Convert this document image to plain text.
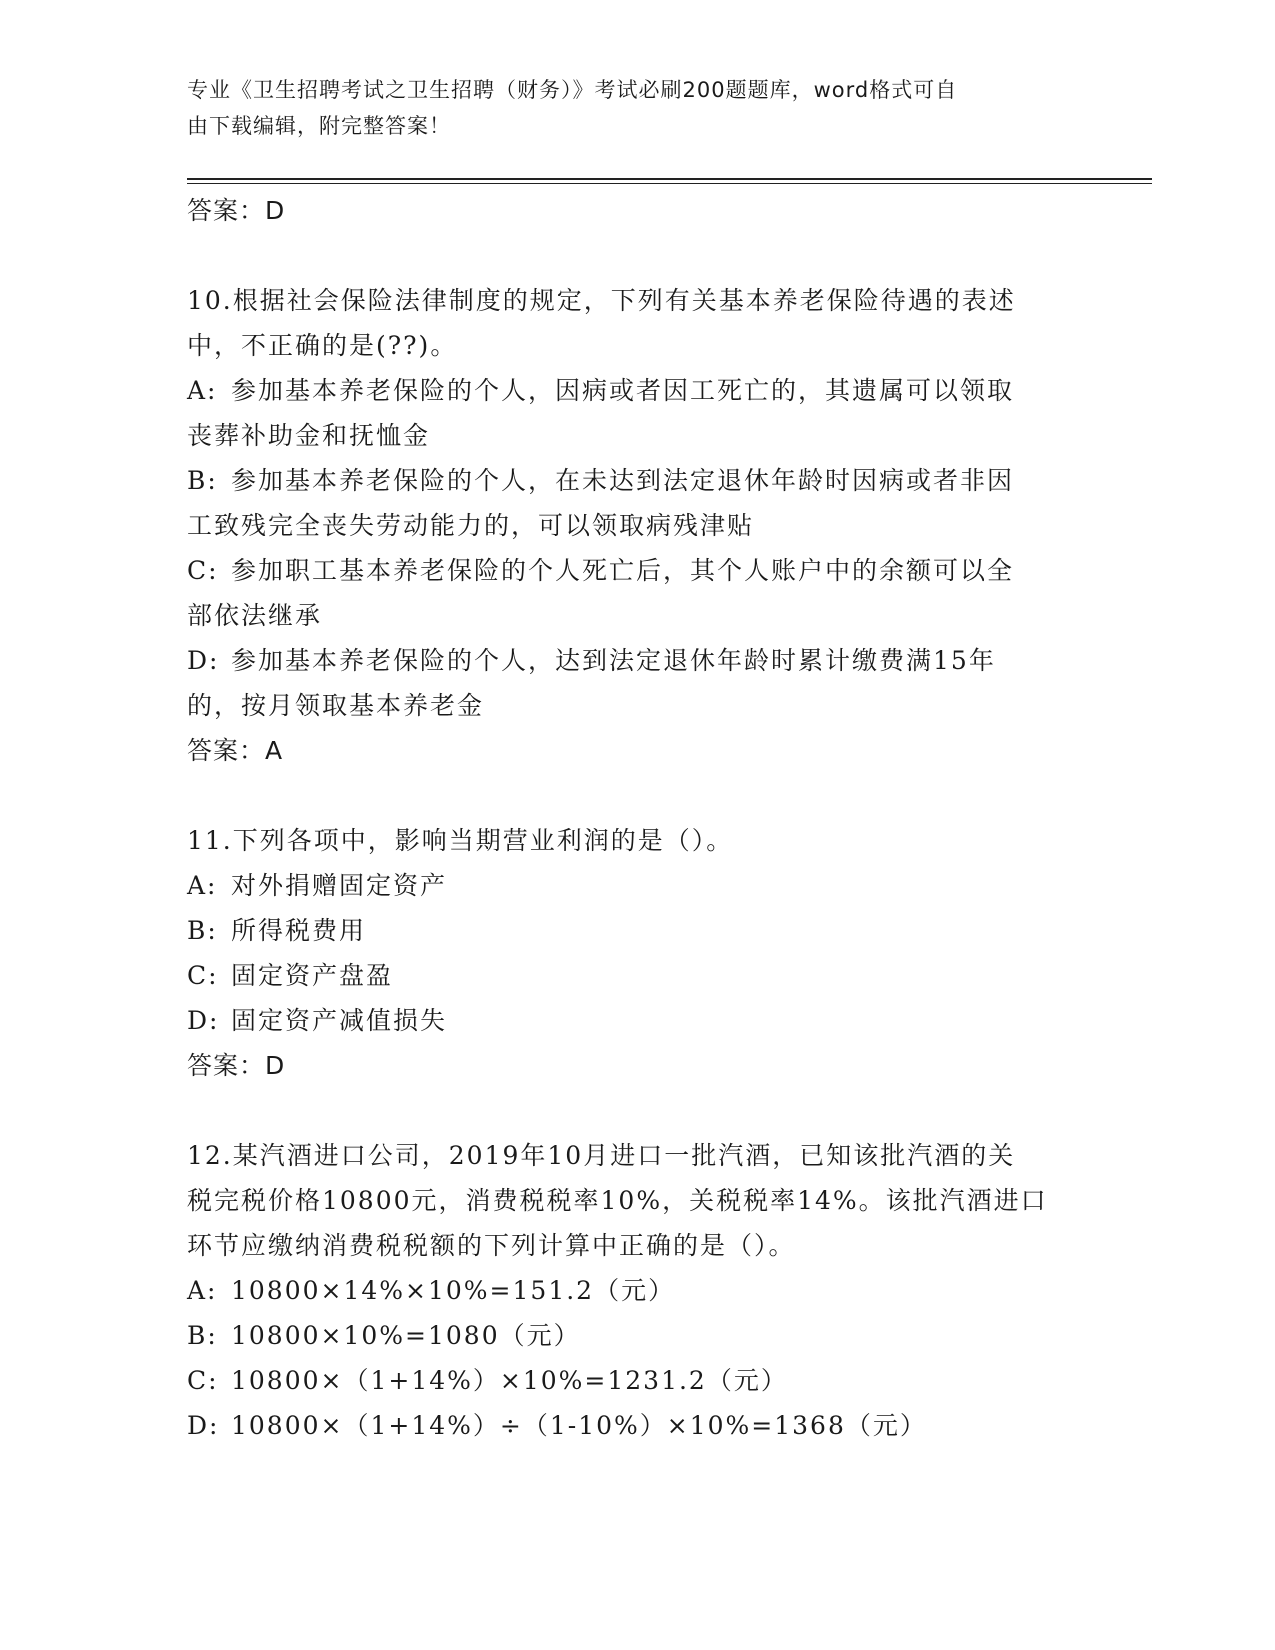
专业《卫生招聘考试之卫生招聘（财务）》考试必刷200题题库，word格式可自
由下载编辑，附完整答案！
答案：D
10.根据社会保险法律制度的规定，下列有关基本养老保险待遇的表述
中，不正确的是(??)。
A: 参加基本养老保险的个人，因病或者因工死亡的，其遗属可以领取
丧葬补助金和抚恤金
B: 参加基本养老保险的个人，在未达到法定退休年龄时因病或者非因
工致残完全丧失劳动能力的，可以领取病残津贴
C: 参加职工基本养老保险的个人死亡后，其个人账户中的余额可以全
部依法继承
D: 参加基本养老保险的个人，达到法定退休年龄时累计缴费满15年
的，按月领取基本养老金
答案：A
11.下列各项中，影响当期营业利润的是（）。
A: 对外捐赠固定资产
B: 所得税费用
C: 固定资产盘盈
D: 固定资产减值损失
答案：D
12.某汽酒进口公司，2019年10月进口一批汽酒，已知该批汽酒的关
税完税价格10800元，消费税税率10%，关税税率14%。该批汽酒进口
环节应缴纳消费税税额的下列计算中正确的是（）。
A: 10800×14%×10%=151.2（元）
B: 10800×10%=1080（元）
C: 10800×（1+14%）×10%=1231.2（元）
D: 10800×（1+14%）÷（1-10%）×10%=1368（元）
